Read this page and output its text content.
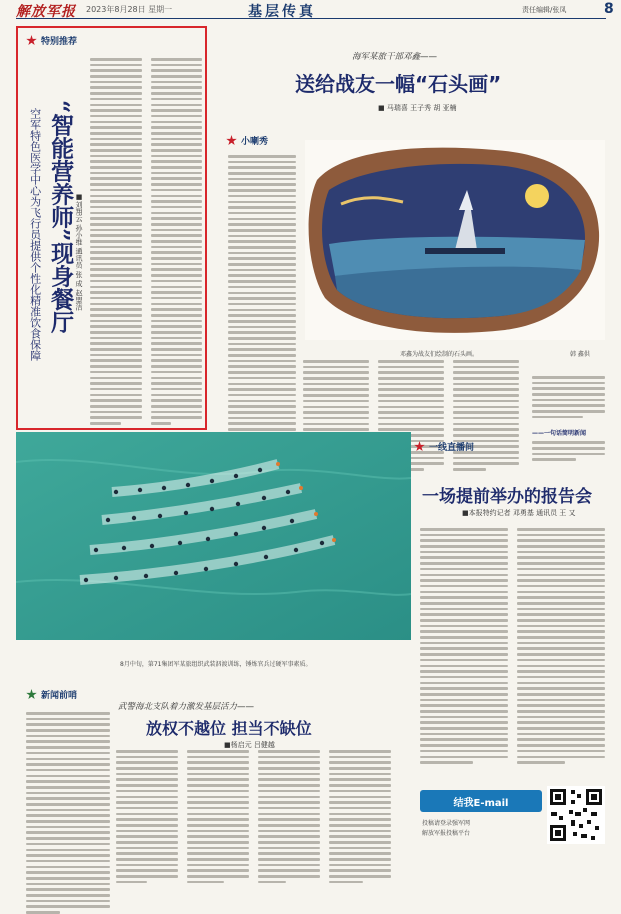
解放军报 2023年8月28日 星期一	基层传真	责任编辑/张凤	8
特别推荐
“智能营养师”现身餐厅
空军特色医学中心为飞行员提供个性化精准饮食保障	■刘翔云 孙小维 通讯员 张 成 赵盟洁
海军某旅干部邓鑫——
送给战友一幅“石头画”
■ 马瑞喜 王子秀 胡 亚楠
小喇秀
邓鑫为战友们绘制的石头画。	韩 鑫供
——一句话简明新闻
8月中旬，第71集团军某旅组织武装泅渡训练，锤炼官兵过硬军事素质。
一线直播间
一场提前举办的报告会
■本报特约记者 邓勇基 通讯员 王 又
新闻前哨
武警海北支队着力激发基层活力——
放权不越位 担当不缺位
■杨启元 吕健越
结我E-mail
投稿请登录强军网
解放军报投稿平台
